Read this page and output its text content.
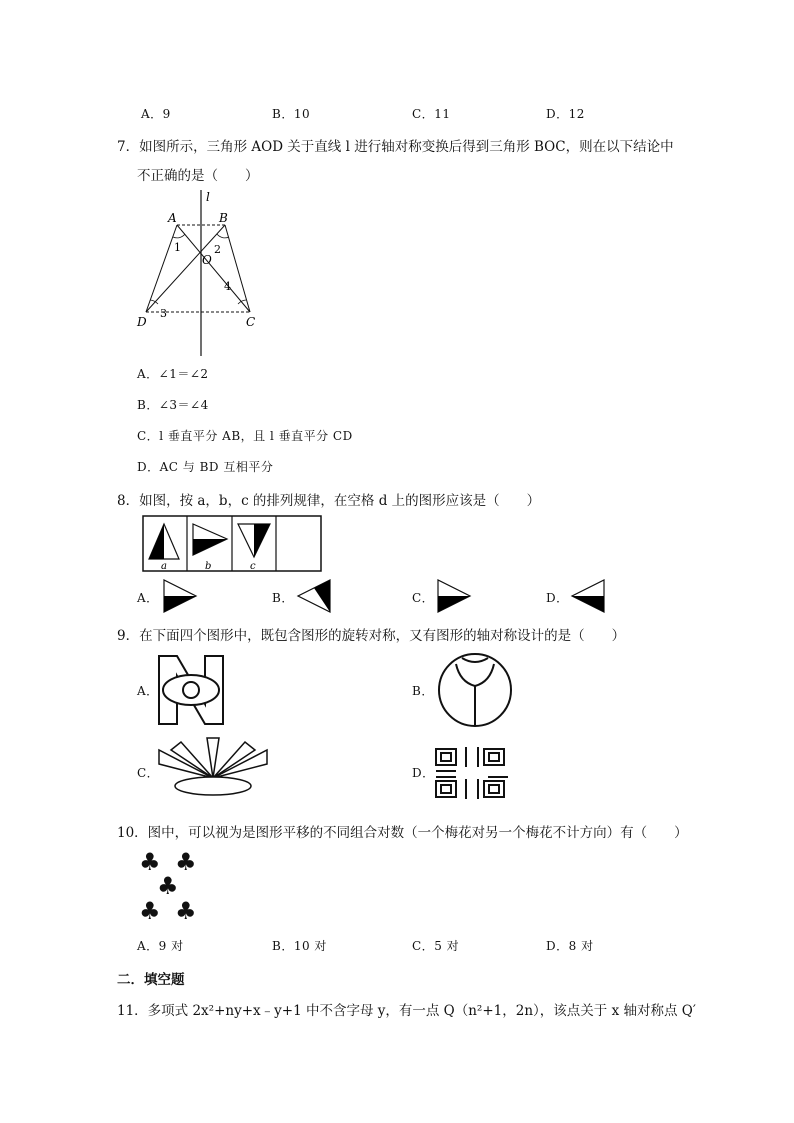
A．9	B．10	C．11	D．12
7．如图所示，三角形 AOD 关于直线 l 进行轴对称变换后得到三角形 BOC，则在以下结论中
不正确的是（　　）
l
A	B
O
D	C
1	2
3
4
A．∠1＝∠2
B．∠3＝∠4
C．l 垂直平分 AB，且 l 垂直平分 CD
D．AC 与 BD 互相平分
8．如图，按 a，b，c 的排列规律，在空格 d 上的图形应该是（　　）
a	b	c
A．	B．	C．	D．
9．在下面四个图形中，既包含图形的旋转对称，又有图形的轴对称设计的是（　　）
A．	B．
C．	D．
10．图中，可以视为是图形平移的不同组合对数（一个梅花对另一个梅花不计方向）有（　　）
♣ ♣
♣
♣ ♣
A．9 对	B．10 对	C．5 对	D．8 对
二．填空题
11．多项式 2x²+ny+x﹣y+1 中不含字母 y，有一点 Q（n²+1，2n），该点关于 x 轴对称点 Q′
